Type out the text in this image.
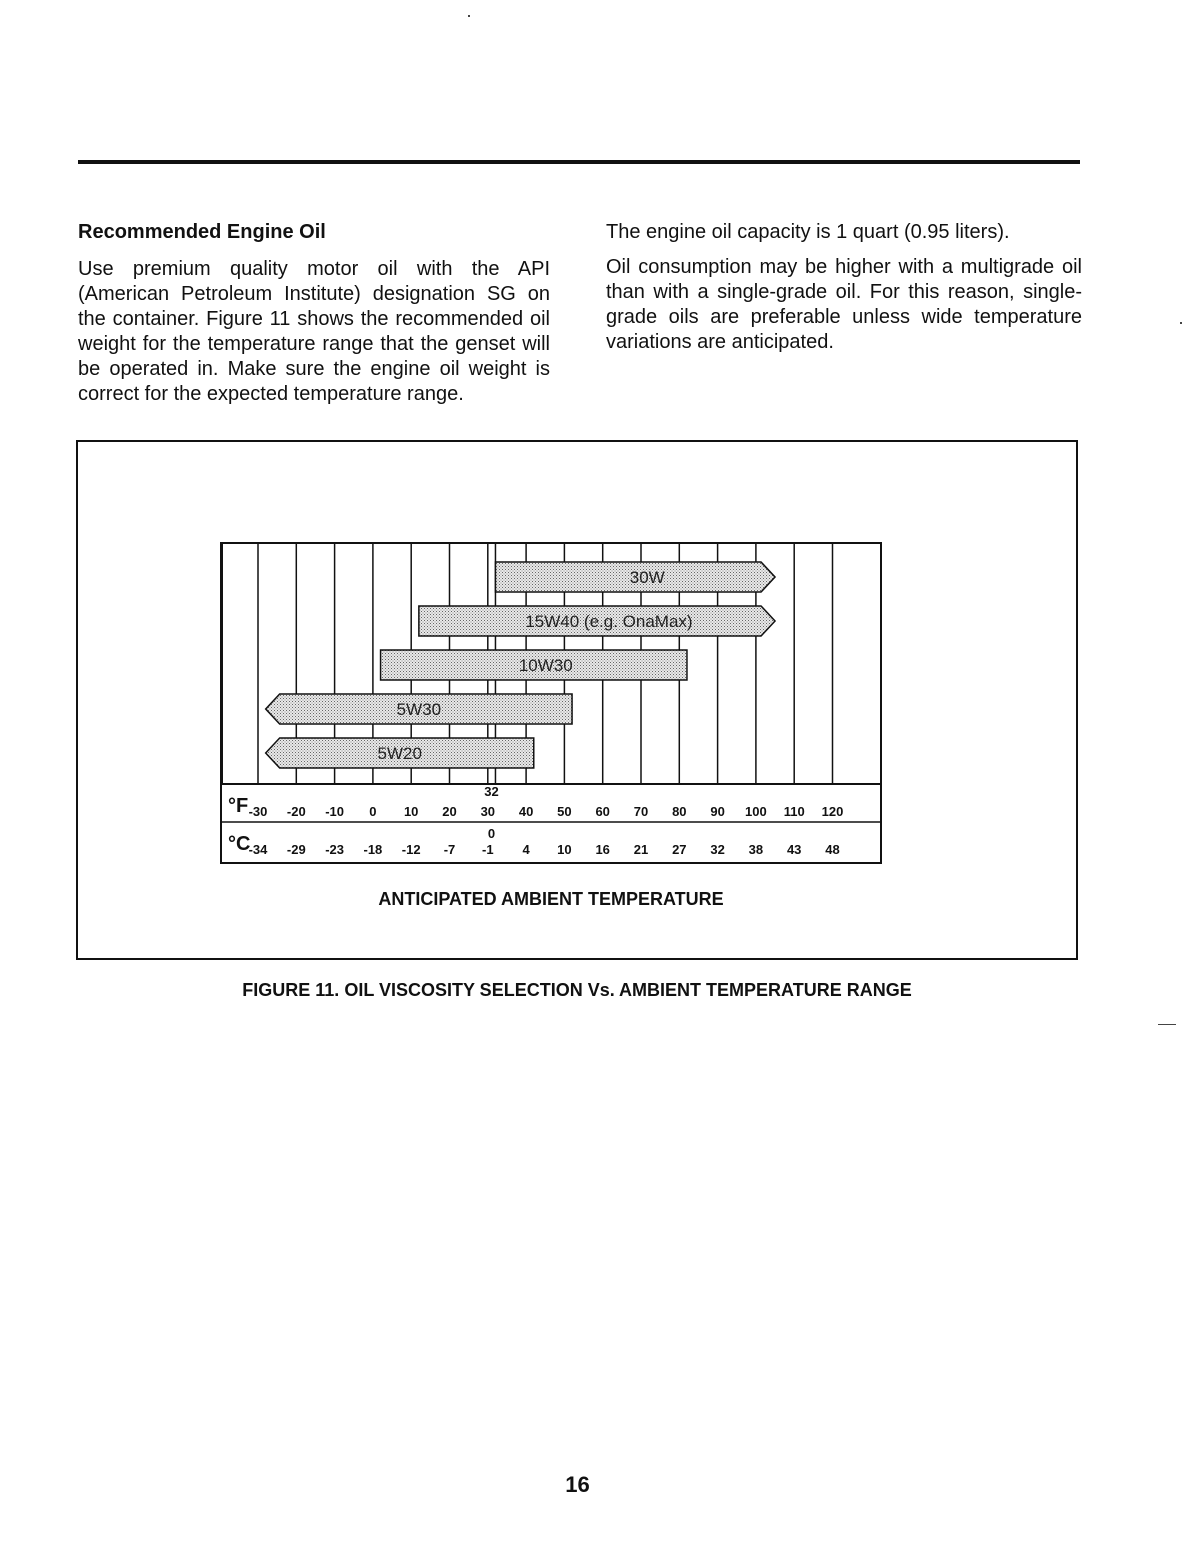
Recommended Engine Oil

Use premium quality motor oil with the API (American Petroleum Institute) designation SG on the container. Figure 11 shows the recommended oil weight for the temperature range that the genset will be operated in. Make sure the engine oil weight is correct for the expected temperature range.

The engine oil capacity is 1 quart (0.95 liters).

Oil consumption may be higher with a multigrade oil than with a single-grade oil. For this reason, single-grade oils are preferable unless wide temperature variations are anticipated.

30W
15W40 (e.g. OnaMax)
10W30
5W30
5W20
°F
°C
-30 -20 -10 0 10 20 30 40 50 60 70 80 90 100 110 120
-34 -29 -23 -18 -12 -7 -1 4 10 16 21 27 32 38 43 48
32
0
ANTICIPATED AMBIENT TEMPERATURE
FIGURE 11. OIL VISCOSITY SELECTION Vs. AMBIENT TEMPERATURE RANGE
16
